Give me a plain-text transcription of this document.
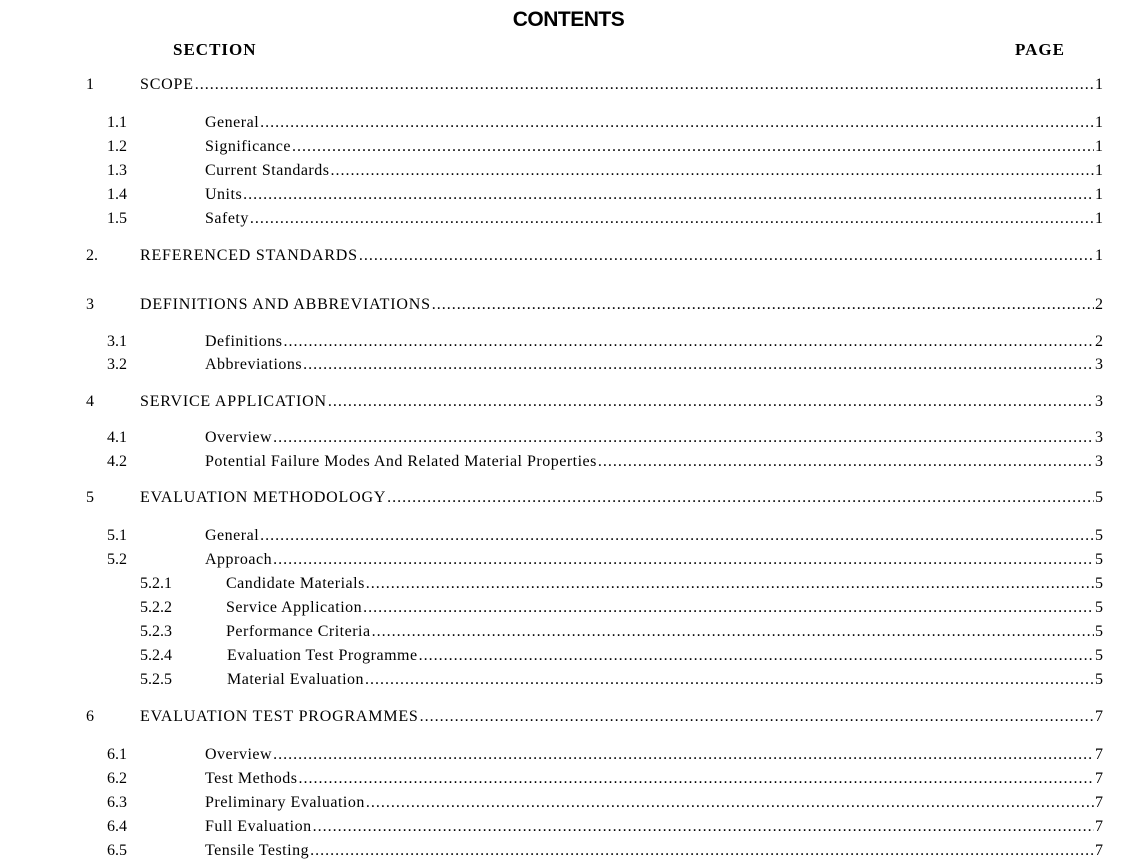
CONTENTS
SECTION	PAGE
1	SCOPE .....	1
1.1	General .....	1
1.2	Significance .....	1
1.3	Current Standards .....	1
1.4	Units .....	1
1.5	Safety .....	1
2.	REFERENCED STANDARDS .....	1
3	DEFINITIONS AND ABBREVIATIONS .....	2
3.1	Definitions .....	2
3.2	Abbreviations .....	3
4	SERVICE APPLICATION .....	3
4.1	Overview .....	3
4.2	Potential Failure Modes And Related Material Properties .....	3
5	EVALUATION METHODOLOGY .....	5
5.1	General .....	5
5.2	Approach .....	5
5.2.1	Candidate Materials .....	5
5.2.2	Service Application .....	5
5.2.3	Performance Criteria .....	5
5.2.4	Evaluation Test Programme .....	5
5.2.5	Material Evaluation .....	5
6	EVALUATION TEST PROGRAMMES .....	7
6.1	Overview .....	7
6.2	Test Methods .....	7
6.3	Preliminary Evaluation .....	7
6.4	Full Evaluation .....	7
6.5	Tensile Testing .....	7
